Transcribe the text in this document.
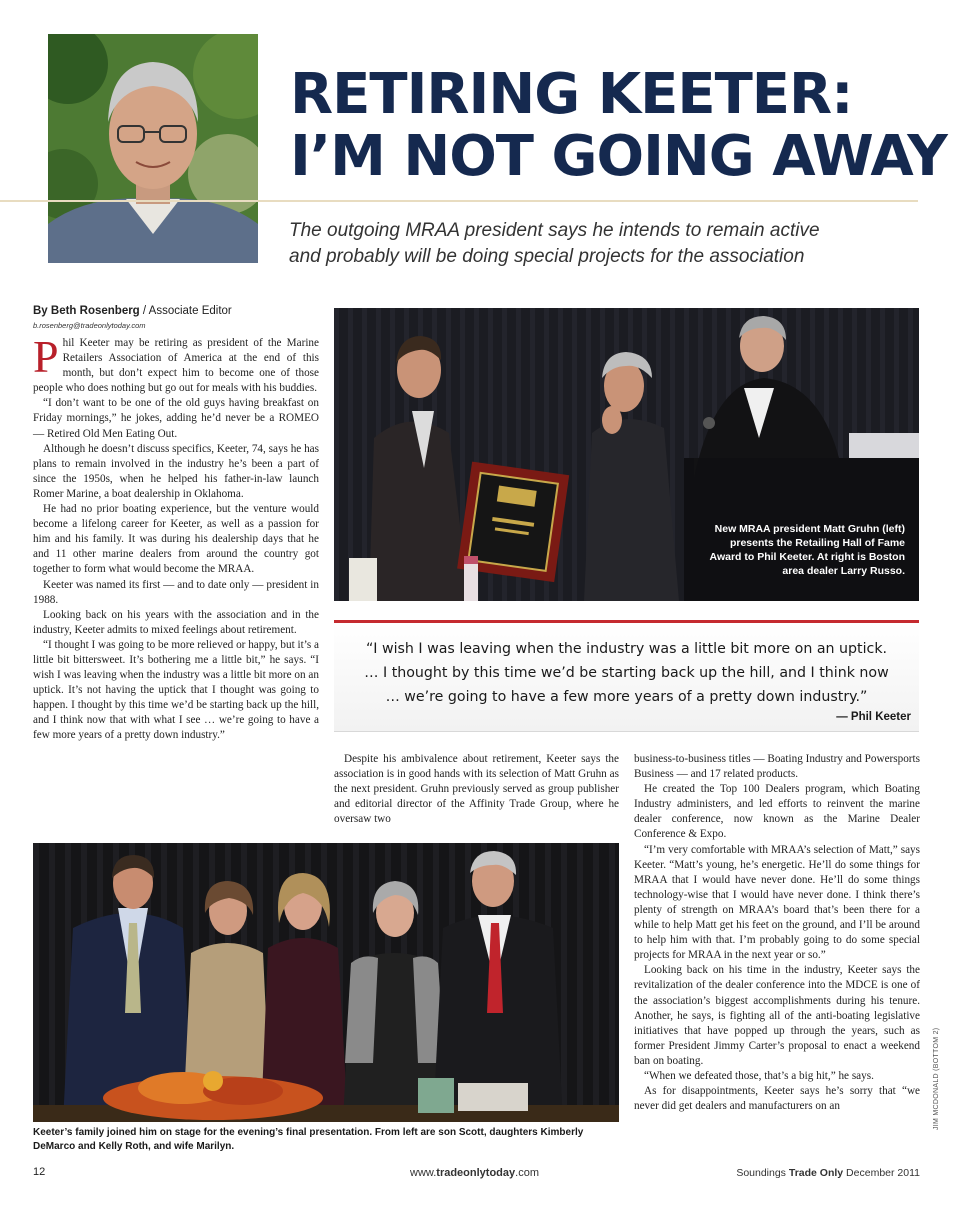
RETIRING KEETER:
I’M NOT GOING AWAY
The outgoing MRAA president says he intends to remain active
and probably will be doing special projects for the association
By Beth Rosenberg / Associate Editor
b.rosenberg@tradeonlytoday.com

Phil Keeter may be retiring as president of the Marine Retailers Association of America at the end of this month, but don’t expect him to become one of those people who does nothing but go out for meals with his buddies.

“I don’t want to be one of the old guys having breakfast on Friday mornings,” he jokes, adding he’d never be a ROMEO — Retired Old Men Eating Out.

Although he doesn’t discuss specifics, Keeter, 74, says he has plans to remain involved in the industry he’s been a part of since the 1950s, when he helped his father-in-law launch Romer Marine, a boat dealership in Oklahoma.

He had no prior boating experience, but the venture would become a lifelong career for Keeter, as well as a passion for him and his family. It was during his dealership days that he and 11 other marine dealers from around the country got together to form what would become the MRAA.

Keeter was named its first — and to date only — president in 1988.

Looking back on his years with the association and in the industry, Keeter admits to mixed feelings about retirement.

“I thought I was going to be more relieved or happy, but it’s a little bit bittersweet. It’s bothering me a little bit,” he says. “I wish I was leaving when the industry was a little bit more on an uptick. It’s not having the uptick that I thought was going to happen. I thought by this time we’d be starting back up the hill, and I think now that with what I see … we’re going to have a few more years of a pretty down industry.”

New MRAA president Matt Gruhn (left) presents the Retailing Hall of Fame Award to Phil Keeter. At right is Boston area dealer Larry Russo.
“I wish I was leaving when the industry was a little bit more on an uptick.
… I thought by this time we’d be starting back up the hill, and I think now
… we’re going to have a few more years of a pretty down industry.”
— Phil Keeter

Despite his ambivalence about retirement, Keeter says the association is in good hands with its selection of Matt Gruhn as the next president. Gruhn previously served as group publisher and editorial director of the Affinity Trade Group, where he oversaw two

business-to-business titles — Boating Industry and Powersports Business — and 17 related products.

He created the Top 100 Dealers program, which Boating Industry administers, and led efforts to reinvent the marine dealer conference, now known as the Marine Dealer Conference & Expo.

“I’m very comfortable with MRAA’s selection of Matt,” says Keeter. “Matt’s young, he’s energetic. He’ll do some things for MRAA that I would have never done. He’ll do some things technology-wise that I would have never done. I think there’s plenty of strength on MRAA’s board that’s been there for a while to help Matt get his feet on the ground, and I’ll be around to help him with that. I’m probably going to do some special projects for MRAA in the next year or so.”

Looking back on his time in the industry, Keeter says the revitalization of the dealer conference into the MDCE is one of the association’s biggest accomplishments during his tenure. Another, he says, is fighting all of the anti-boating legislative initiatives that have popped up through the years, such as former President Jimmy Carter’s proposal to enact a weekend ban on boating.

“When we defeated those, that’s a big hit,” he says.

As for disappointments, Keeter says he’s sorry that “we never did get dealers and manufacturers on an

Keeter’s family joined him on stage for the evening’s final presentation. From left are son Scott, daughters Kimberly DeMarco and Kelly Roth, and wife Marilyn.
JIM MCDONALD (BOTTOM 2)
12	www.tradeonlytoday.com	Soundings Trade Only December 2011
